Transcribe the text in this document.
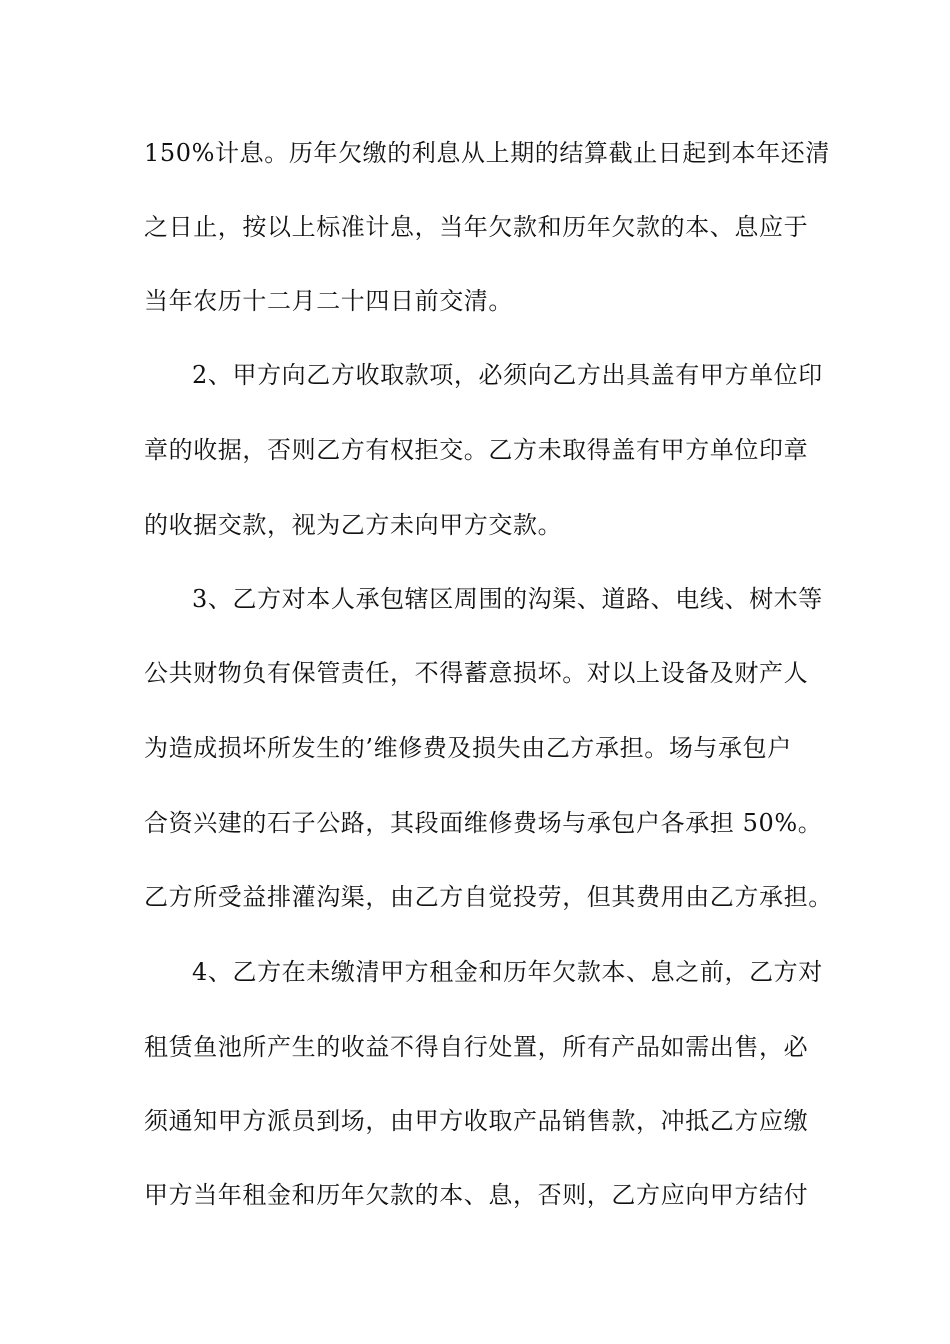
150%计息。历年欠缴的利息从上期的结算截止日起到本年还清
之日止，按以上标准计息，当年欠款和历年欠款的本、息应于
当年农历十二月二十四日前交清。
2、甲方向乙方收取款项，必须向乙方出具盖有甲方单位印
章的收据，否则乙方有权拒交。乙方未取得盖有甲方单位印章
的收据交款，视为乙方未向甲方交款。
3、乙方对本人承包辖区周围的沟渠、道路、电线、树木等
公共财物负有保管责任，不得蓄意损坏。对以上设备及财产人
为造成损坏所发生的’维修费及损失由乙方承担。场与承包户
合资兴建的石子公路，其段面维修费场与承包户各承担 50%。
乙方所受益排灌沟渠，由乙方自觉投劳，但其费用由乙方承担。
4、乙方在未缴清甲方租金和历年欠款本、息之前，乙方对
租赁鱼池所产生的收益不得自行处置，所有产品如需出售，必
须通知甲方派员到场，由甲方收取产品销售款，冲抵乙方应缴
甲方当年租金和历年欠款的本、息，否则，乙方应向甲方结付
